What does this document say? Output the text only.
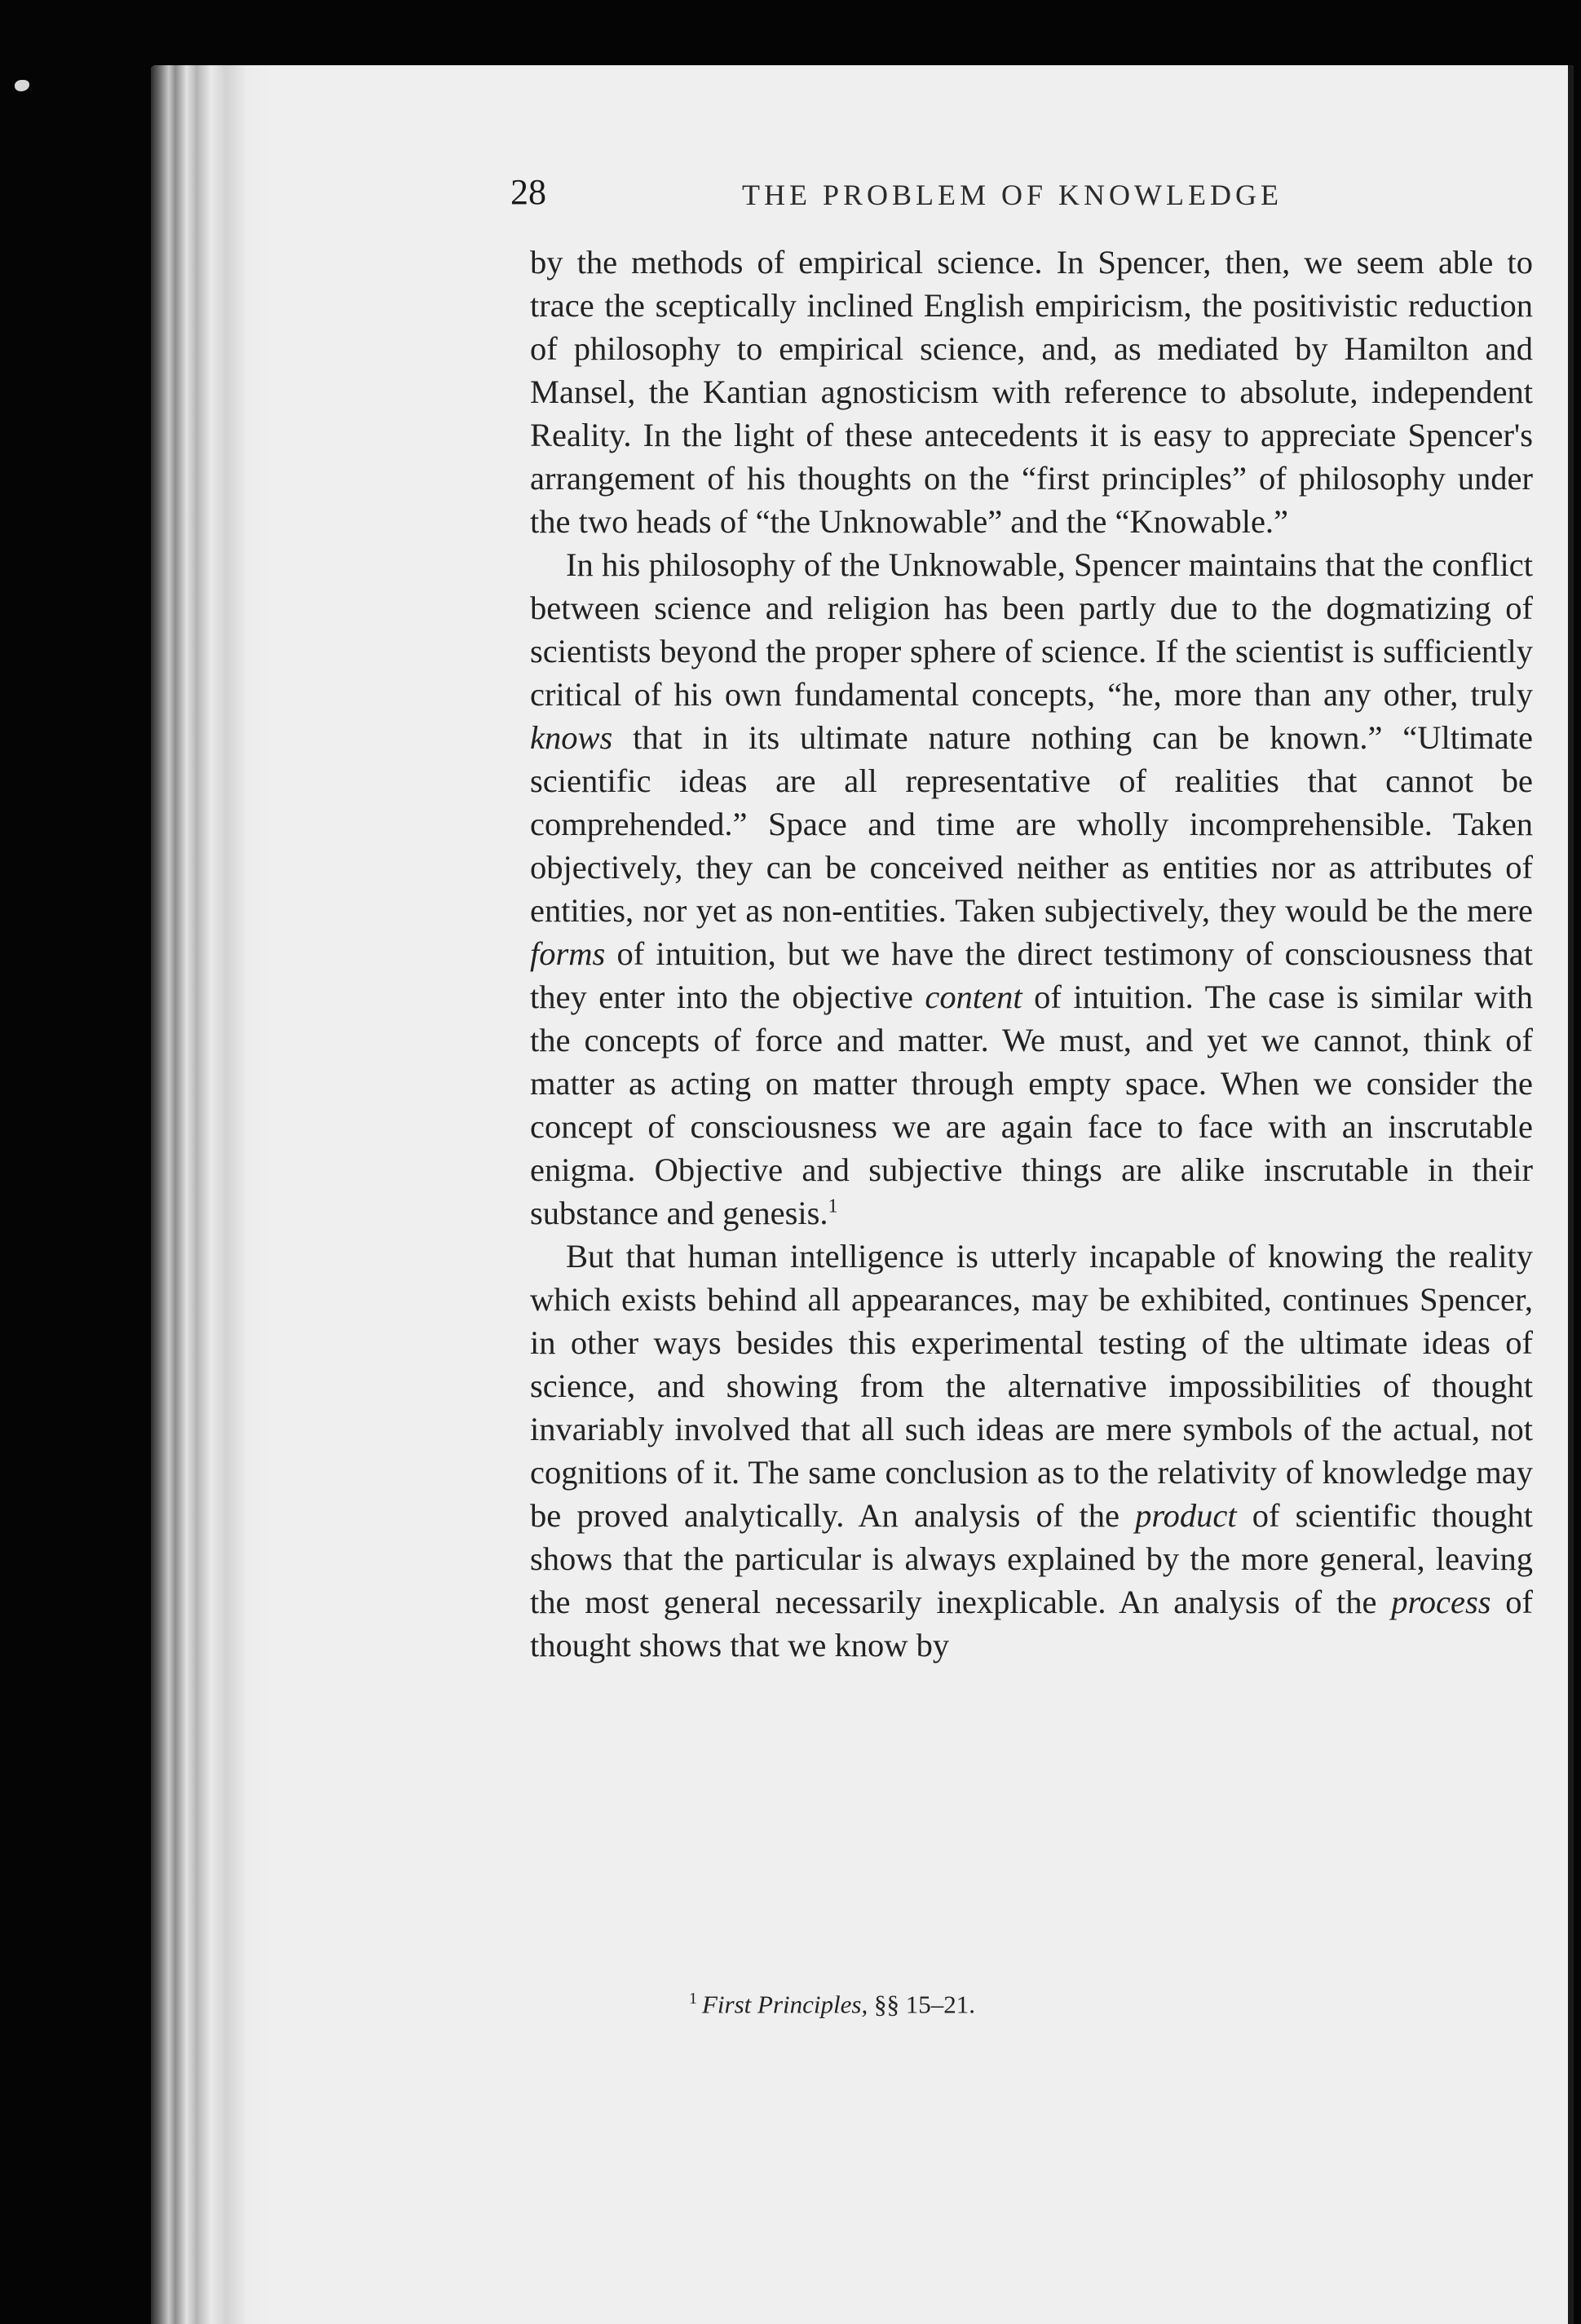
28	THE PROBLEM OF KNOWLEDGE

by the methods of empirical science. In Spencer, then, we seem able to trace the sceptically inclined English empiricism, the positivistic reduction of philosophy to empirical science, and, as mediated by Hamilton and Mansel, the Kantian agnosticism with reference to absolute, independent Reality. In the light of these antecedents it is easy to appreciate Spencer's arrangement of his thoughts on the “first principles” of philosophy under the two heads of “the Unknowable” and the “Knowable.”

In his philosophy of the Unknowable, Spencer maintains that the conflict between science and religion has been partly due to the dogmatizing of scientists beyond the proper sphere of science. If the scientist is sufficiently critical of his own fundamental concepts, “he, more than any other, truly knows that in its ultimate nature nothing can be known.” “Ultimate scientific ideas are all representative of realities that cannot be comprehended.” Space and time are wholly incomprehensible. Taken objectively, they can be conceived neither as entities nor as attributes of entities, nor yet as non-entities. Taken subjectively, they would be the mere forms of intuition, but we have the direct testimony of consciousness that they enter into the objective content of intuition. The case is similar with the concepts of force and matter. We must, and yet we cannot, think of matter as acting on matter through empty space. When we consider the concept of consciousness we are again face to face with an inscrutable enigma. Objective and subjective things are alike inscrutable in their substance and genesis.$^1$

But that human intelligence is utterly incapable of knowing the reality which exists behind all appearances, may be exhibited, continues Spencer, in other ways besides this experimental testing of the ultimate ideas of science, and showing from the alternative impossibilities of thought invariably involved that all such ideas are mere symbols of the actual, not cognitions of it. The same conclusion as to the relativity of knowledge may be proved analytically. An analysis of the product of scientific thought shows that the particular is always explained by the more general, leaving the most general necessarily inexplicable. An analysis of the process of thought shows that we know by

$^1$ First Principles, §§ 15–21.
